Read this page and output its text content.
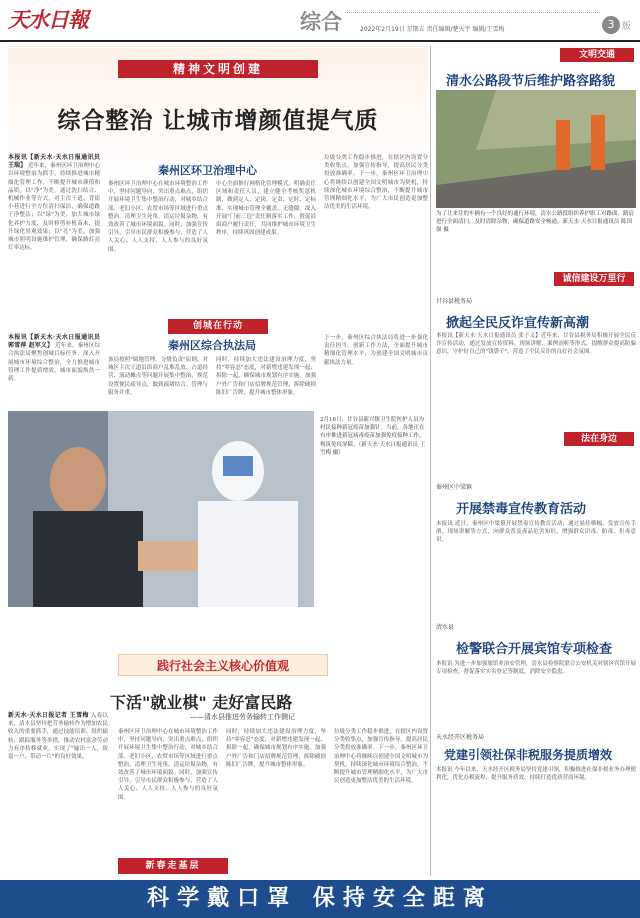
天水日報	综合	2022年2月19日 星期五 责任编辑/楚天宇 编辑/王雪梅	3 版
精神文明创建
综合整治 让城市增颜值提气质
秦州区环卫治理中心
本报讯【新天水·天水日报通讯员王瑞】 近年来，秦州区环卫治理中心以环境整治为抓手，持续推进城市精细化管理工作，不断提升城市颜值和品质。以"净"为美，通过洗扫结合、机械作业等方式，对主次干道、背街小巷进行全方位清扫保洁，确保道路干净整洁；以"绿"为美，加大城市绿化养护力度，及时修剪补植苗木，提升绿化景观效果；以"亮"为美，加强城市照明设施维护管理，确保路灯亮灯率达标。
秦州区环卫治理中心在城市环境整治工作中，坚持问题导向，突出重点难点，组织开展环境卫生集中整治行动，对城乡结合部、老旧小区、农贸市场等区域进行重点整治，清理卫生死角，清运垃圾杂物，有效改善了城市环境面貌。同时，加强宣传引导，引导市民群众积极参与，营造了人人关心、人人支持、人人参与的良好氛围。
中心全面推行网格化管理模式，明确责任区域和责任人员，建立健全考核奖惩机制，做到定人、定岗、定责、定时、定标准，实现城市管理全覆盖、无缝隙。深入开展"门前三包"责任制落实工作，督促沿街商户履行责任，共同维护城市环境卫生秩序，持续巩固创建成果。
垃圾分类工作稳步推进，在辖区内设置分类收集点，加强宣传指导，提高居民分类投放准确率。下一步，秦州区环卫治理中心将继续以创建全国文明城市为契机，持续深化城市环境综合整治，不断提升城市管理精细化水平，为广大市民创造更加整洁优美的生活环境。
创城在行动
秦州区综合执法局
本报讯【新天水·天水日报通讯员郭雪萍 赵军义】 近年来，秦州区综合执法局聚焦创城目标任务，深入开展城市环境综合整治，全力推进城市管理工作提质增效，城市面貌焕然一新。
该局按照"属地管理、分级负责"原则，对城区主次干道沿街商户乱堆乱放、占道经营、流动摊点等问题开展集中整治，规范设置便民疏导点，做到疏堵结合、管理与服务并重。
同时，持续加大违法建设治理力度，坚持"零容忍"态度，对新增违建发现一起、拆除一起，确保城市规划有序实施。加强户外广告和门店招牌规范管理，拆除破损陈旧广告牌，提升城市整体形象。
下一步，秦州区综合执法局将进一步强化责任担当，创新工作方法，全面提升城市精细化管理水平，为创建全国文明城市贡献执法力量。
2月16日，甘谷县新兴镇卫生院医护人员为村民接种新冠疫苗加强针。当前，各地正在有序推进新冠病毒疫苗加强免疫接种工作，构筑免疫屏障。（新天水·天水日报通讯员 王雪梅 摄）
践行社会主义核心价值观
下活"就业棋" 走好富民路
——清水县推进劳务输转工作侧记
新天水·天水日报记者 王雪梅 入春以来，清水县坚持把劳务输转作为增加农民收入的重要抓手，通过技能培训、组织输转、跟踪服务等举措，推动农村富余劳动力有序转移就业，实现了"输出一人、致富一户、带动一片"的良好效果。
秦州区环卫治理中心在城市环境整治工作中，坚持问题导向，突出重点难点，组织开展环境卫生集中整治行动，对城乡结合部、老旧小区、农贸市场等区域进行重点整治，清理卫生死角，清运垃圾杂物，有效改善了城市环境面貌。同时，加强宣传引导，引导市民群众积极参与，营造了人人关心、人人支持、人人参与的良好氛围。
同时，持续加大违法建设治理力度，坚持"零容忍"态度，对新增违建发现一起、拆除一起，确保城市规划有序实施。加强户外广告和门店招牌规范管理，拆除破损陈旧广告牌，提升城市整体形象。
垃圾分类工作稳步推进，在辖区内设置分类收集点，加强宣传指导，提高居民分类投放准确率。下一步，秦州区环卫治理中心将继续以创建全国文明城市为契机，持续深化城市环境综合整治，不断提升城市管理精细化水平，为广大市民创造更加整洁优美的生活环境。
新春走基层
文明交通
清水公路段节后维护路容路貌
为了让来往的车辆有一个良好的通行环境，清水公路段组织养护职工对路面、路肩进行全面清扫，及时清除杂物，确保道路安全畅通。新天水·天水日报通讯员 陈国强 摄
诚信建设万里行
甘谷县税务局
掀起全民反诈宣传新高潮
本报讯【新天水·天水日报通讯员 张子义】近年来，甘谷县税务局积极开展全民反诈宣传活动，通过发放宣传资料、现场讲解、案例剖析等形式，提醒群众提高防骗意识，守护好自己的"钱袋子"，营造了全民反诈的良好社会氛围。
法在身边
秦州区中梁镇
开展禁毒宣传教育活动
本报讯 近日，秦州区中梁镇开展禁毒宣传教育活动，通过悬挂横幅、发放宣传手册、现场讲解等方式，向群众普及毒品危害知识，增强群众识毒、防毒、拒毒意识。
清水县
检警联合开展宾馆专项检查
本报讯 为进一步加强旅馆业治安管理，清水县检察院联合公安机关对辖区宾馆开展专项检查，督促落实实名登记等制度，消除安全隐患。
天水经开区税务局
党建引领社保非税服务提质增效
本报讯 今年以来，天水经开区税务局坚持党建引领，积极推进社保非税业务办理便利化，优化办税流程，提升服务质效，持续打造优质营商环境。
科学戴口罩 保持安全距离
